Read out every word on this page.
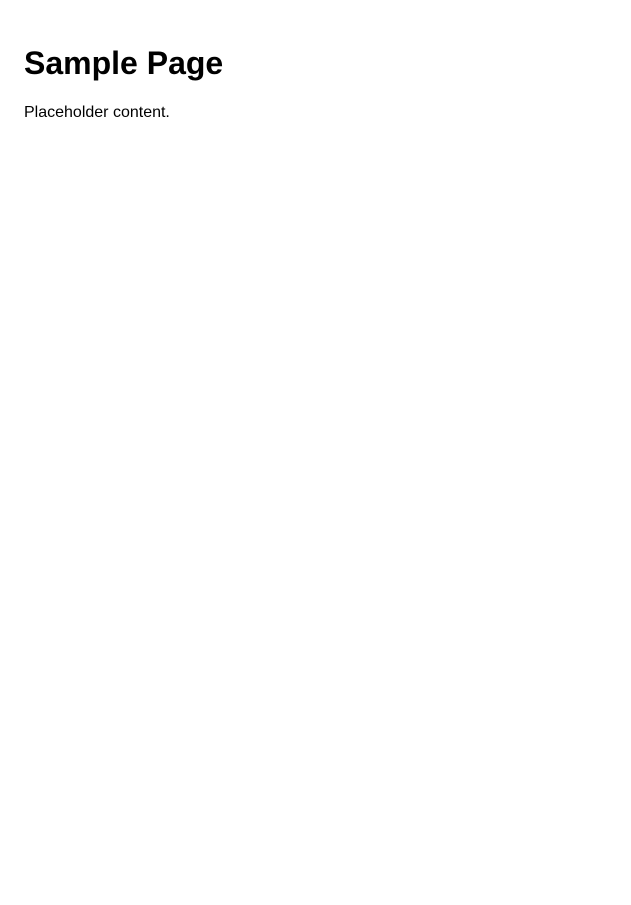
Sample Page

Placeholder content.
